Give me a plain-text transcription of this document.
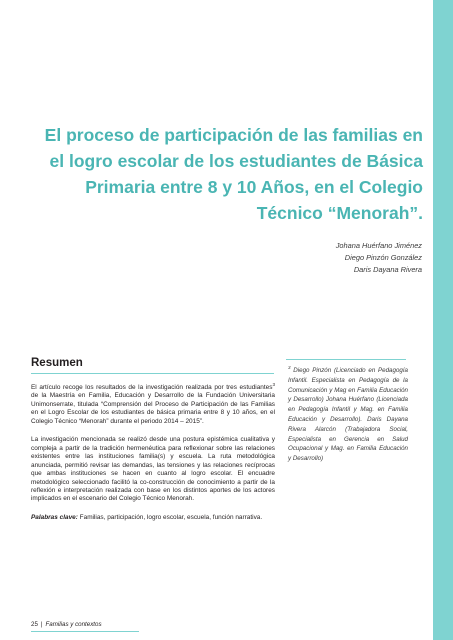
El proceso de participación de las familias en el logro escolar de los estudiantes de Básica Primaria entre 8 y 10 Años, en el Colegio Técnico “Menorah”.
Johana Huérfano Jiménez
Diego Pinzón González
Daris Dayana Rivera
Resumen

El artículo recoge los resultados de la investigación realizada por tres estudiantes$^3$ de la Maestría en Familia, Educación y Desarrollo de la Fundación Universitaria Unimonserrate, titulada “Comprensión del Proceso de Participación de las Familias en el Logro Escolar de los estudiantes de básica primaria entre 8 y 10 años, en el Colegio Técnico “Menorah” durante el periodo 2014 – 2015”.

La investigación mencionada se realizó desde una postura epistémica cualitativa y compleja a partir de la tradición hermenéutica para reflexionar sobre las relaciones existentes entre las instituciones familia(s) y escuela. La ruta metodológica anunciada, permitió revisar las demandas, las tensiones y las relaciones recíprocas que ambas instituciones se hacen en cuanto al logro escolar. El encuadre metodológico seleccionado facilitó la co-construcción de conocimiento a partir de la reflexión e interpretación realizada con base en los distintos aportes de los actores implicados en el escenario del Colegio Técnico Menorah.

Palabras clave: Familias, participación, logro escolar, escuela, función narrativa.

$^3$ Diego Pinzón (Licenciado en Pedagogía Infantil. Especialista en Pedagogía de la Comunicación y Mag en Familia Educación y Desarrollo) Johana Huérfano (Licenciada en Pedagogía Infantil y Mag. en Familia Educación y Desarrollo). Daris Dayana Rivera Alarcón (Trabajadora Social, Especialista en Gerencia en Salud Ocupacional y Mag. en Familia Educación y Desarrollo)
25 | Familias y contextos
